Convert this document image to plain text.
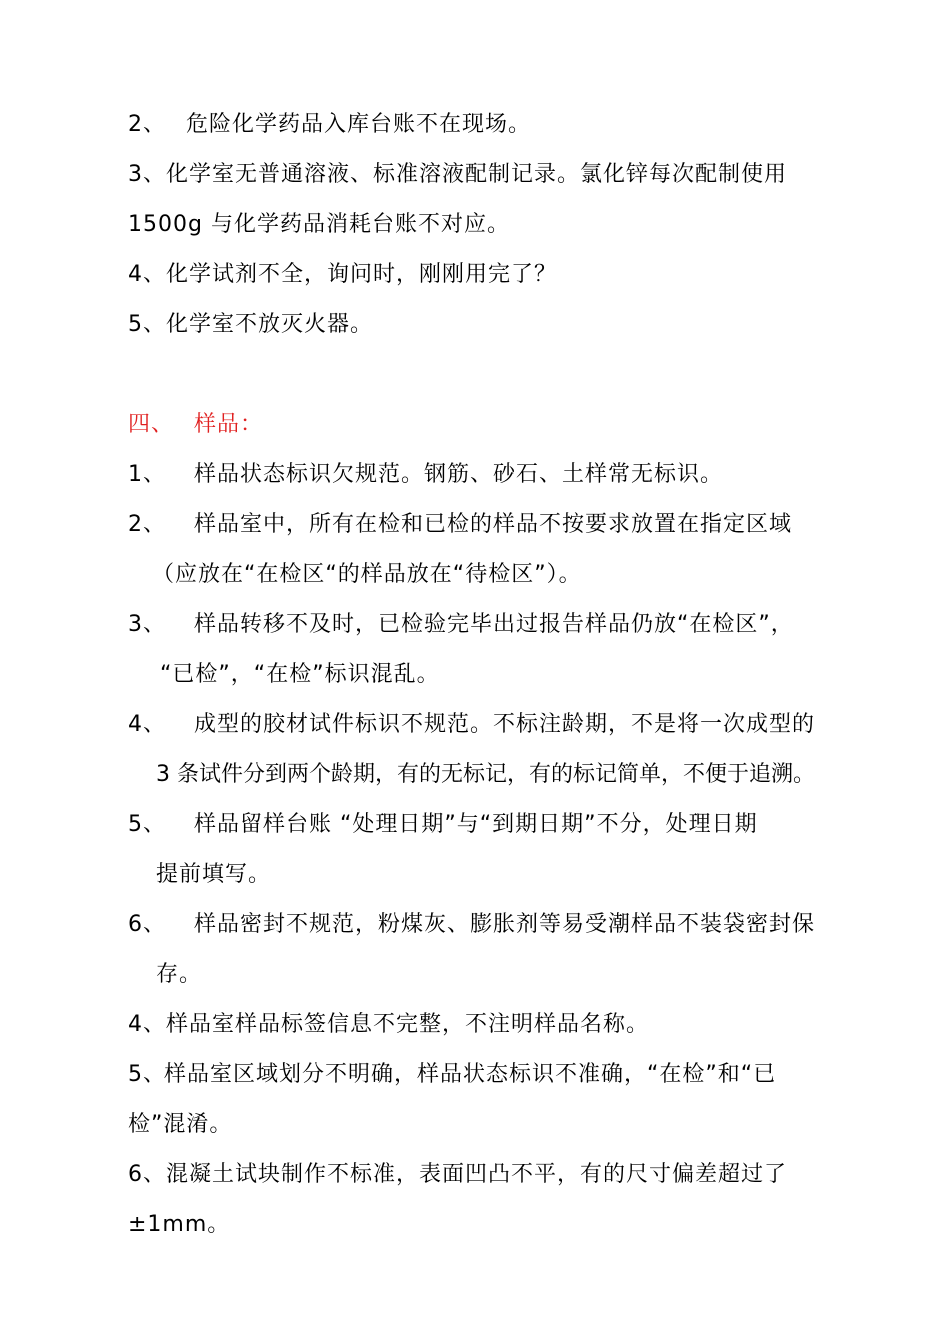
2、 危险化学药品入库台账不在现场。
3、 化学室无普通溶液、标准溶液配制记录。氯化锌每次配制使用
1500g 与化学药品消耗台账不对应。
4、 化学试剂不全，询问时，刚刚用完了？
5、 化学室不放灭火器。
四、 样品：
1、 样品状态标识欠规范。钢筋、砂石、土样常无标识。
2、 样品室中，所有在检和已检的样品不按要求放置在指定区域
（应放在“在检区“的样品放在“待检区”）。
3、 样品转移不及时，已检验完毕出过报告样品仍放“在检区”，
“已检”，“在检”标识混乱。
4、 成型的胶材试件标识不规范。不标注龄期，不是将一次成型的
3 条试件分到两个龄期，有的无标记，有的标记简单，不便于追溯。
5、 样品留样台账 “处理日期”与“到期日期”不分，处理日期
提前填写。
6、 样品密封不规范，粉煤灰、膨胀剂等易受潮样品不装袋密封保
存。
4、 样品室样品标签信息不完整，不注明样品名称。
5、
样品室区域划分不明确，样品状态标识不准确，“在检”和“已
检”混淆。
6、 混凝土试块制作不标准，表面凹凸不平，有的尺寸偏差超过了
±1mm。
